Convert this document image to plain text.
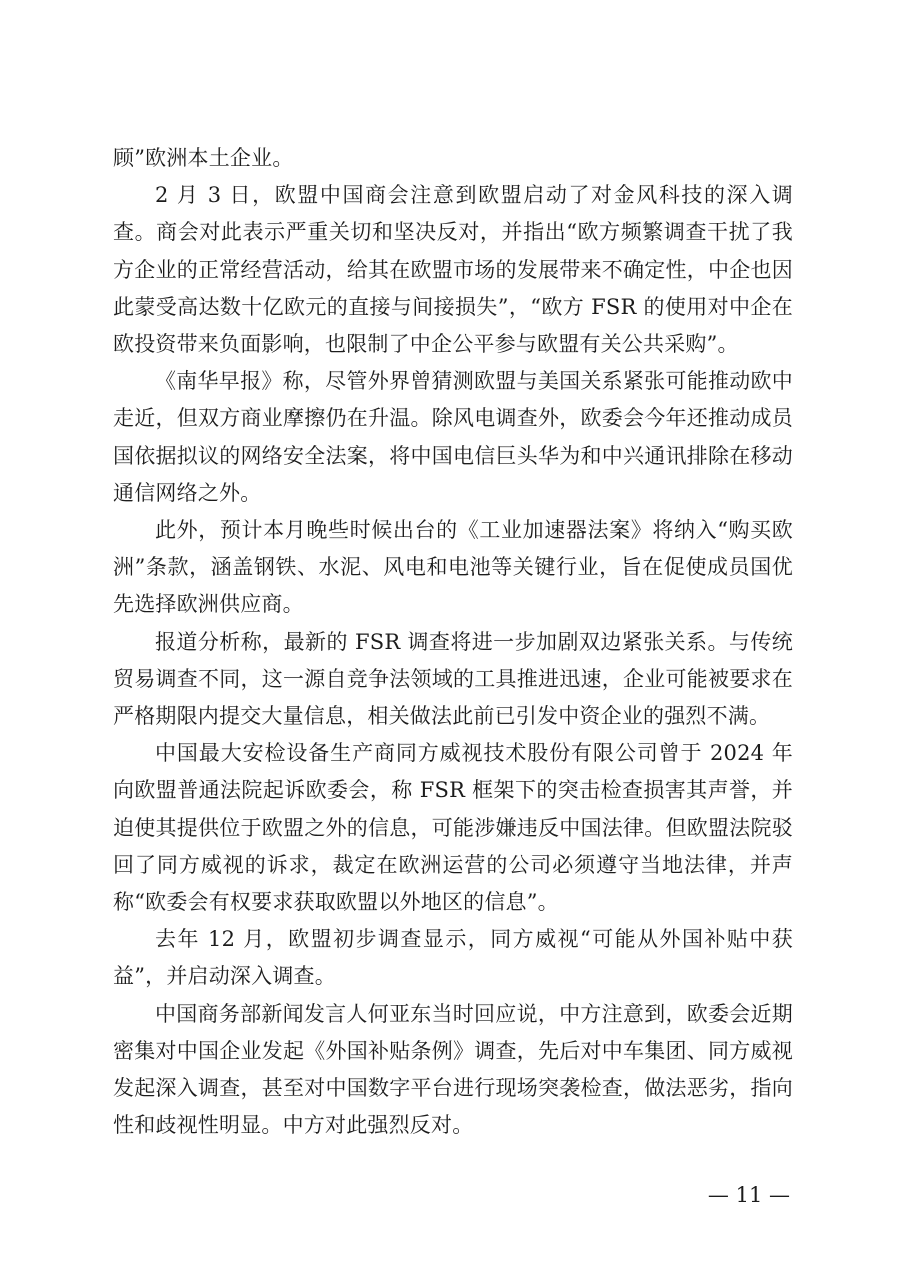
顾”欧洲本土企业。

2 月 3 日，欧盟中国商会注意到欧盟启动了对金风科技的深入调查。商会对此表示严重关切和坚决反对，并指出“欧方频繁调查干扰了我方企业的正常经营活动，给其在欧盟市场的发展带来不确定性，中企也因此蒙受高达数十亿欧元的直接与间接损失”，“欧方 FSR 的使用对中企在欧投资带来负面影响，也限制了中企公平参与欧盟有关公共采购”。

《南华早报》称，尽管外界曾猜测欧盟与美国关系紧张可能推动欧中走近，但双方商业摩擦仍在升温。除风电调查外，欧委会今年还推动成员国依据拟议的网络安全法案，将中国电信巨头华为和中兴通讯排除在移动通信网络之外。

此外，预计本月晚些时候出台的《工业加速器法案》将纳入“购买欧洲”条款，涵盖钢铁、水泥、风电和电池等关键行业，旨在促使成员国优先选择欧洲供应商。

报道分析称，最新的 FSR 调查将进一步加剧双边紧张关系。与传统贸易调查不同，这一源自竞争法领域的工具推进迅速，企业可能被要求在严格期限内提交大量信息，相关做法此前已引发中资企业的强烈不满。

中国最大安检设备生产商同方威视技术股份有限公司曾于 2024 年向欧盟普通法院起诉欧委会，称 FSR 框架下的突击检查损害其声誉，并迫使其提供位于欧盟之外的信息，可能涉嫌违反中国法律。但欧盟法院驳回了同方威视的诉求，裁定在欧洲运营的公司必须遵守当地法律，并声称“欧委会有权要求获取欧盟以外地区的信息”。

去年 12 月，欧盟初步调查显示，同方威视“可能从外国补贴中获益”，并启动深入调查。

中国商务部新闻发言人何亚东当时回应说，中方注意到，欧委会近期密集对中国企业发起《外国补贴条例》调查，先后对中车集团、同方威视发起深入调查，甚至对中国数字平台进行现场突袭检查，做法恶劣，指向性和歧视性明显。中方对此强烈反对。

— 11 —
